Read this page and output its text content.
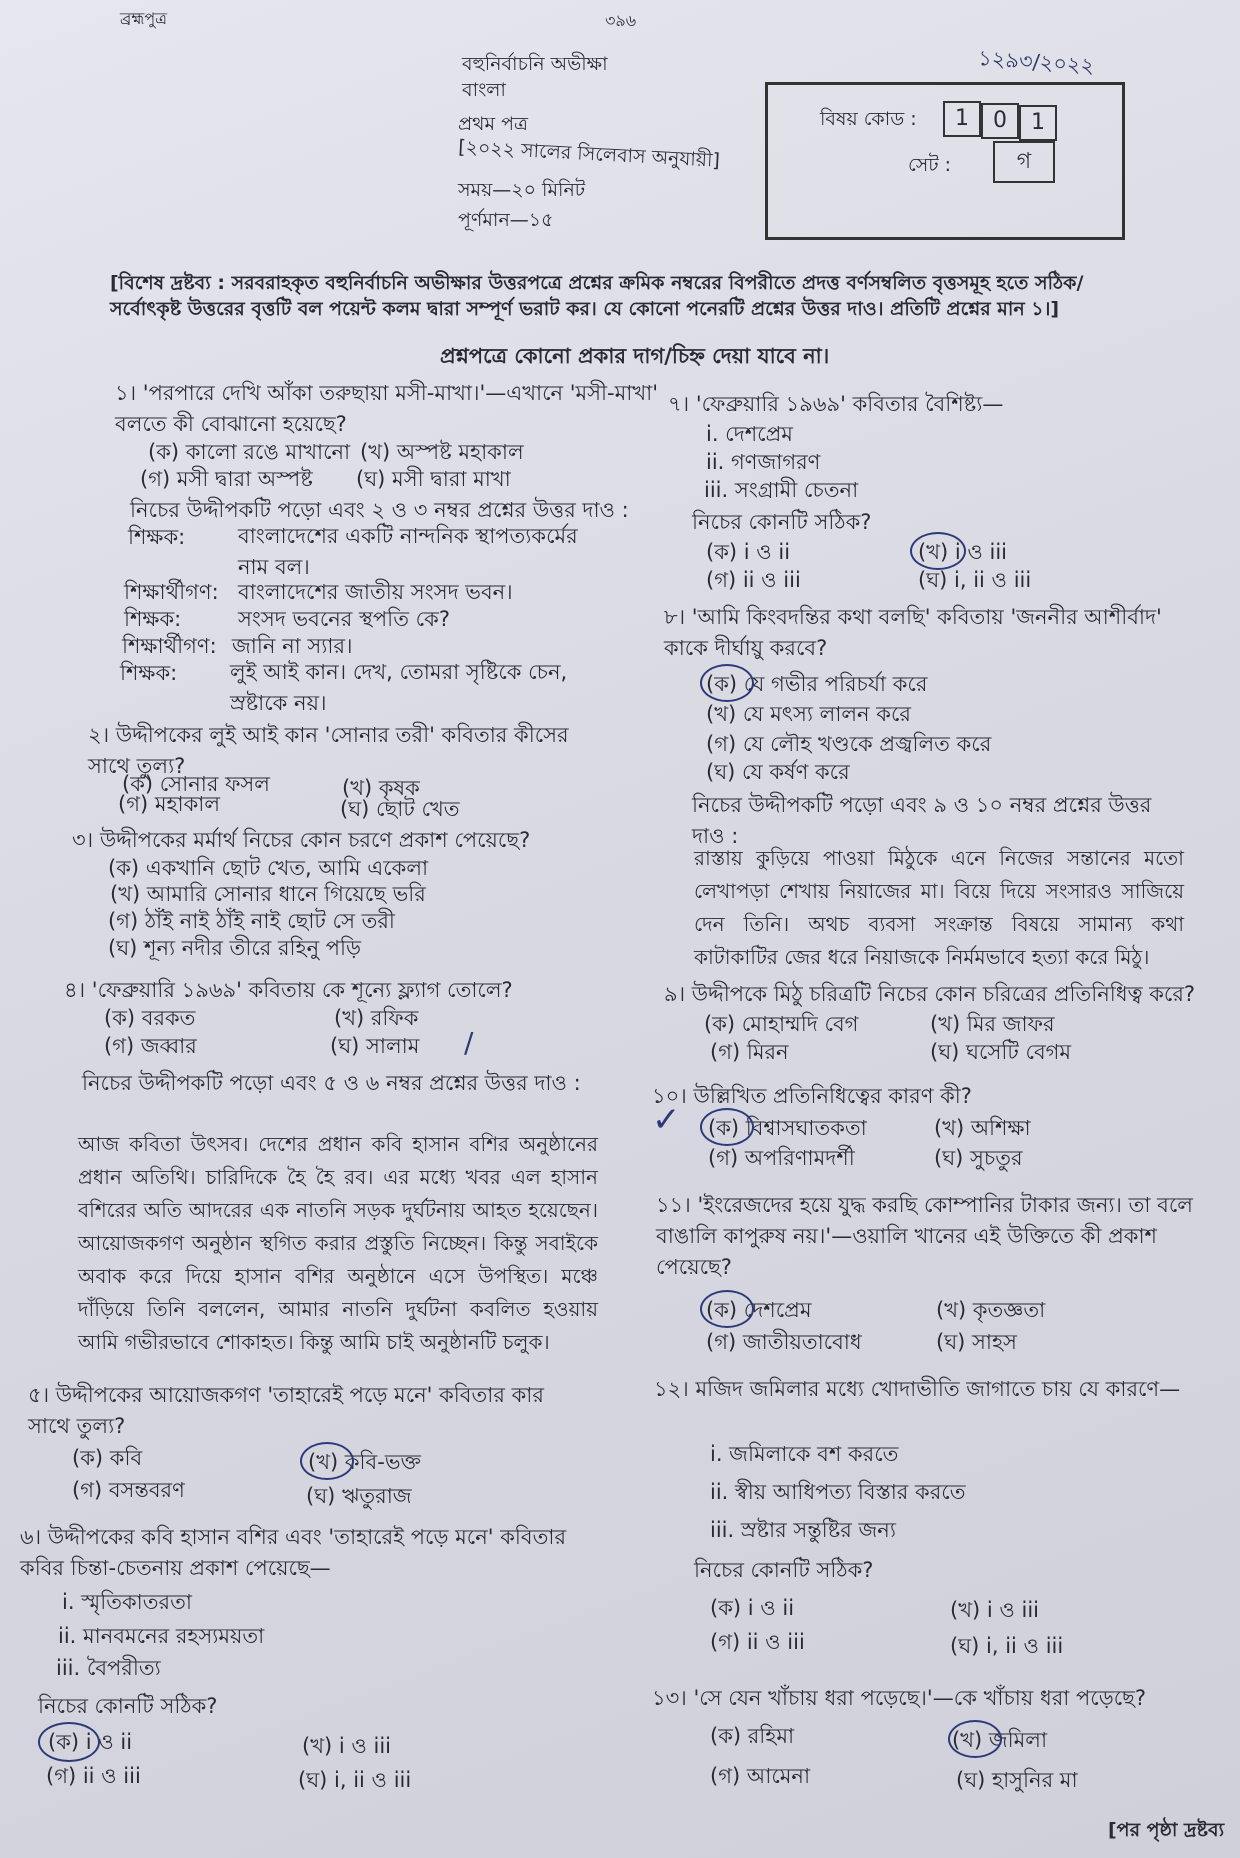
ব্রহ্মপুত্র	৩৯৬
১২৯৩/২০২২
বহুনির্বাচনি অভীক্ষা
বাংলা
প্রথম পত্র
[২০২২ সালের সিলেবাস অনুযায়ী]
সময়—২০ মিনিট
পূর্ণমান—১৫
বিষয় কোড :	1	0	1
সেট :	গ
[বিশেষ দ্রষ্টব্য : সরবরাহকৃত বহুনির্বাচনি অভীক্ষার উত্তরপত্রে প্রশ্নের ক্রমিক নম্বরের বিপরীতে প্রদত্ত বর্ণসম্বলিত বৃত্তসমূহ হতে সঠিক/সর্বোৎকৃষ্ট উত্তরের বৃত্তটি বল পয়েন্ট কলম দ্বারা সম্পূর্ণ ভরাট কর। যে কোনো পনেরটি প্রশ্নের উত্তর দাও। প্রতিটি প্রশ্নের মান ১।]
প্রশ্নপত্রে কোনো প্রকার দাগ/চিহ্ন দেয়া যাবে না।
১। 'পরপারে দেখি আঁকা তরুছায়া মসী-মাখা।'—এখানে 'মসী-মাখা' বলতে কী বোঝানো হয়েছে?
(ক) কালো রঙে মাখানো (খ) অস্পষ্ট মহাকাল
(গ) মসী দ্বারা অস্পষ্ট (ঘ) মসী দ্বারা মাখা
নিচের উদ্দীপকটি পড়ো এবং ২ ও ৩ নম্বর প্রশ্নের উত্তর দাও :
শিক্ষক:	বাংলাদেশের একটি নান্দনিক স্থাপত্যকর্মের নাম বল।
শিক্ষার্থীগণ: বাংলাদেশের জাতীয় সংসদ ভবন।
শিক্ষক:	সংসদ ভবনের স্থপতি কে?
শিক্ষার্থীগণ: জানি না স্যার।
শিক্ষক:	লুই আই কান। দেখ, তোমরা সৃষ্টিকে চেন, স্রষ্টাকে নয়।
২। উদ্দীপকের লুই আই কান 'সোনার তরী' কবিতার কীসের সাথে তুল্য?
(ক) সোনার ফসল	(খ) কৃষক
(গ) মহাকাল	(ঘ) ছোট খেত
৩। উদ্দীপকের মর্মার্থ নিচের কোন চরণে প্রকাশ পেয়েছে?
(ক) একখানি ছোট খেত, আমি একেলা
(খ) আমারি সোনার ধানে গিয়েছে ভরি
(গ) ঠাঁই নাই ঠাঁই নাই ছোট সে তরী
(ঘ) শূন্য নদীর তীরে রহিনু পড়ি
৪। 'ফেব্রুয়ারি ১৯৬৯' কবিতায় কে শূন্যে ফ্ল্যাগ তোলে?
(ক) বরকত	(খ) রফিক
(গ) জব্বার	(ঘ) সালাম
নিচের উদ্দীপকটি পড়ো এবং ৫ ও ৬ নম্বর প্রশ্নের উত্তর দাও :
আজ কবিতা উৎসব। দেশের প্রধান কবি হাসান বশির অনুষ্ঠানের প্রধান অতিথি। চারিদিকে হৈ হৈ রব। এর মধ্যে খবর এল হাসান বশিরের অতি আদরের এক নাতনি সড়ক দুর্ঘটনায় আহত হয়েছেন। আয়োজকগণ অনুষ্ঠান স্থগিত করার প্রস্তুতি নিচ্ছেন। কিন্তু সবাইকে অবাক করে দিয়ে হাসান বশির অনুষ্ঠানে এসে উপস্থিত। মঞ্চে দাঁড়িয়ে তিনি বললেন, আমার নাতনি দুর্ঘটনা কবলিত হওয়ায় আমি গভীরভাবে শোকাহত। কিন্তু আমি চাই অনুষ্ঠানটি চলুক।
৫। উদ্দীপকের আয়োজকগণ 'তাহারেই পড়ে মনে' কবিতার কার সাথে তুল্য?
(ক) কবি	(খ) কবি-ভক্ত
(গ) বসন্তবরণ	(ঘ) ঋতুরাজ
৬। উদ্দীপকের কবি হাসান বশির এবং 'তাহারেই পড়ে মনে' কবিতার কবির চিন্তা-চেতনায় প্রকাশ পেয়েছে—
i. স্মৃতিকাতরতা
ii. মানবমনের রহস্যময়তা
iii. বৈপরীত্য
নিচের কোনটি সঠিক?
(ক) i ও ii	(খ) i ও iii
(গ) ii ও iii	(ঘ) i, ii ও iii
৭। 'ফেব্রুয়ারি ১৯৬৯' কবিতার বৈশিষ্ট্য—
i. দেশপ্রেম
ii. গণজাগরণ
iii. সংগ্রামী চেতনা
নিচের কোনটি সঠিক?
(ক) i ও ii	(খ) i ও iii
(গ) ii ও iii	(ঘ) i, ii ও iii
৮। 'আমি কিংবদন্তির কথা বলছি' কবিতায় 'জননীর আশীর্বাদ' কাকে দীর্ঘায়ু করবে?
(ক) যে গভীর পরিচর্যা করে
(খ) যে মৎস্য লালন করে
(গ) যে লৌহ খণ্ডকে প্রজ্বলিত করে
(ঘ) যে কর্ষণ করে
নিচের উদ্দীপকটি পড়ো এবং ৯ ও ১০ নম্বর প্রশ্নের উত্তর দাও :
রাস্তায় কুড়িয়ে পাওয়া মিঠুকে এনে নিজের সন্তানের মতো লেখাপড়া শেখায় নিয়াজের মা। বিয়ে দিয়ে সংসারও সাজিয়ে দেন তিনি। অথচ ব্যবসা সংক্রান্ত বিষয়ে সামান্য কথা কাটাকাটির জের ধরে নিয়াজকে নির্মমভাবে হত্যা করে মিঠু।
৯। উদ্দীপকে মিঠু চরিত্রটি নিচের কোন চরিত্রের প্রতিনিধিত্ব করে?
(ক) মোহাম্মদি বেগ	(খ) মির জাফর
(গ) মিরন	(ঘ) ঘসেটি বেগম
১০। উল্লিখিত প্রতিনিধিত্বের কারণ কী?
(ক) বিশ্বাসঘাতকতা	(খ) অশিক্ষা
(গ) অপরিণামদর্শী	(ঘ) সুচতুর
১১। 'ইংরেজদের হয়ে যুদ্ধ করছি কোম্পানির টাকার জন্য। তা বলে বাঙালি কাপুরুষ নয়।'—ওয়ালি খানের এই উক্তিতে কী প্রকাশ পেয়েছে?
(ক) দেশপ্রেম	(খ) কৃতজ্ঞতা
(গ) জাতীয়তাবোধ	(ঘ) সাহস
১২। মজিদ জমিলার মধ্যে খোদাভীতি জাগাতে চায় যে কারণে—
i. জমিলাকে বশ করতে
ii. স্বীয় আধিপত্য বিস্তার করতে
iii. স্রষ্টার সন্তুষ্টির জন্য
নিচের কোনটি সঠিক?
(ক) i ও ii	(খ) i ও iii
(গ) ii ও iii	(ঘ) i, ii ও iii
১৩। 'সে যেন খাঁচায় ধরা পড়েছে।'—কে খাঁচায় ধরা পড়েছে?
(ক) রহিমা	(খ) জমিলা
(গ) আমেনা	(ঘ) হাসুনির মা
[পর পৃষ্ঠা দ্রষ্টব্য
✓
/
